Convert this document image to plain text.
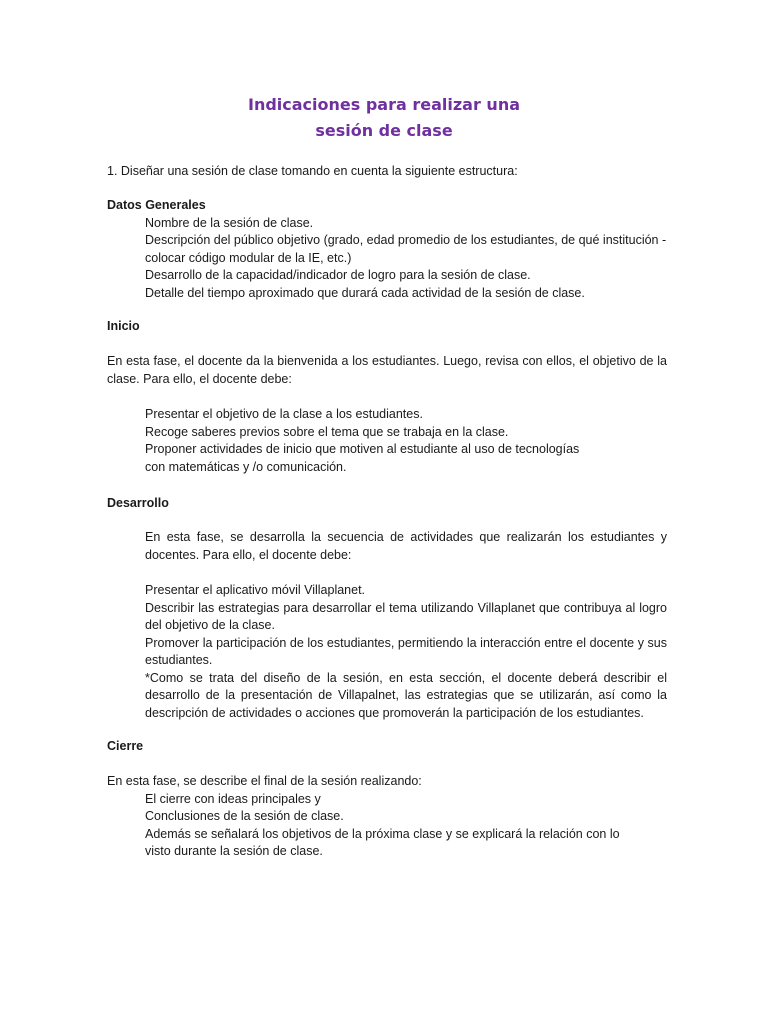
Indicaciones para realizar una
sesión de clase

1. Diseñar una sesión de clase tomando en cuenta la siguiente estructura:

Datos Generales

Nombre de la sesión de clase.

Descripción del público objetivo (grado, edad promedio de los estudiantes, de qué institución - colocar código modular de la IE, etc.)

Desarrollo de la capacidad/indicador de logro para la sesión de clase.

Detalle del tiempo aproximado que durará cada actividad de la sesión de clase.

Inicio

En esta fase, el docente da la bienvenida a los estudiantes. Luego, revisa con ellos, el objetivo de la clase. Para ello, el docente debe:

Presentar el objetivo de la clase a los estudiantes.

Recoge saberes previos sobre el tema que se trabaja en la clase.

Proponer actividades de inicio que motiven al estudiante al uso de tecnologías con matemáticas y /o comunicación.

Desarrollo

En esta fase, se desarrolla la secuencia de actividades que realizarán los estudiantes y docentes. Para ello, el docente debe:

Presentar el aplicativo móvil Villaplanet.

Describir las estrategias para desarrollar el tema utilizando Villaplanet que contribuya al logro del objetivo de la clase.

Promover la participación de los estudiantes, permitiendo la interacción entre el docente y sus estudiantes.

*Como se trata del diseño de la sesión, en esta sección, el docente deberá describir el desarrollo de la presentación de Villapalnet, las estrategias que se utilizarán, así como la descripción de actividades o acciones que promoverán la participación de los estudiantes.

Cierre

En esta fase, se describe el final de la sesión realizando:

El cierre con ideas principales y

Conclusiones de la sesión de clase.

Además se señalará los objetivos de la próxima clase y se explicará la relación con lo visto durante la sesión de clase.
